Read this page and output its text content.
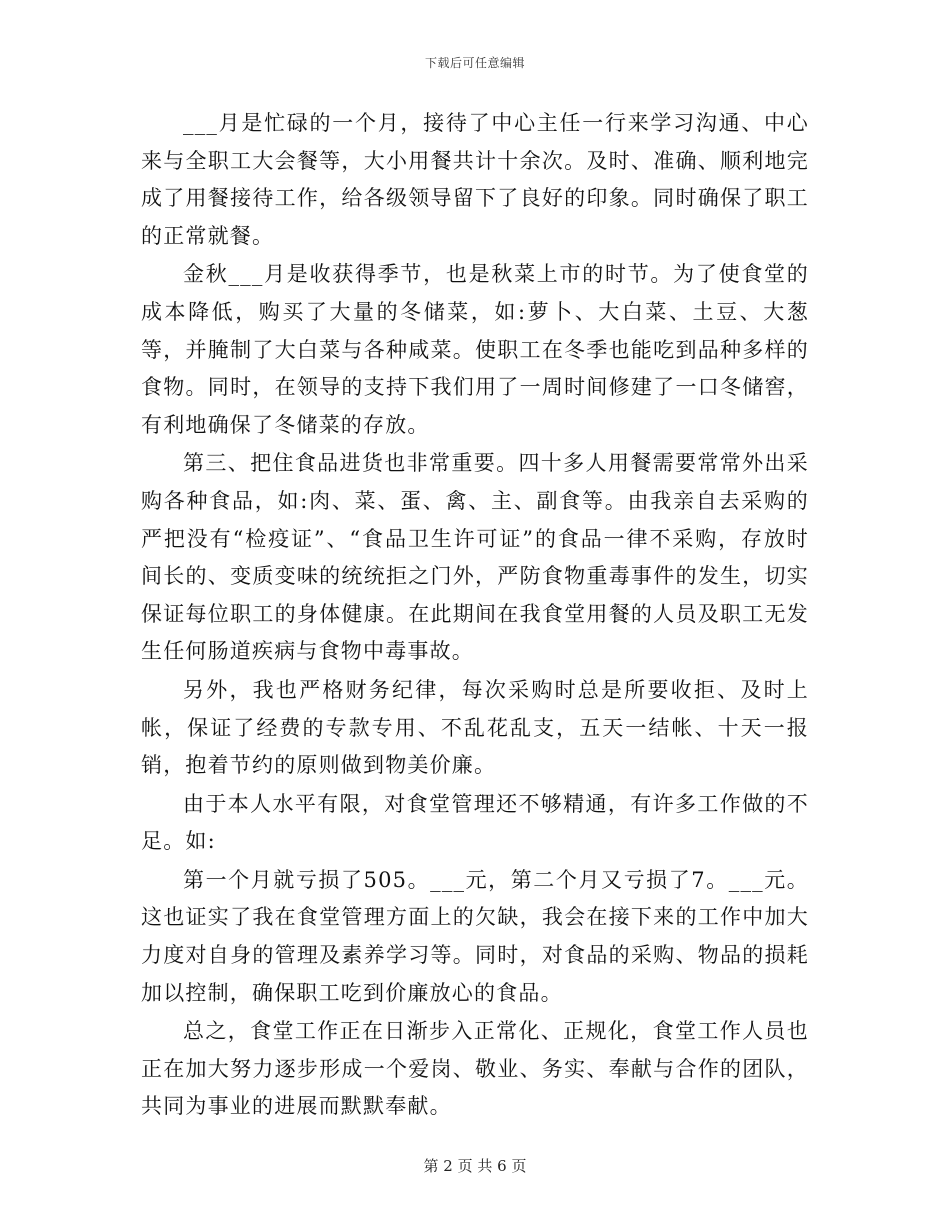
下载后可任意编辑

___月是忙碌的一个月，接待了中心主任一行来学习沟通、中心来与全职工大会餐等，大小用餐共计十余次。及时、准确、顺利地完成了用餐接待工作，给各级领导留下了良好的印象。同时确保了职工的正常就餐。

金秋___月是收获得季节，也是秋菜上市的时节。为了使食堂的成本降低，购买了大量的冬储菜，如:萝卜、大白菜、土豆、大葱等，并腌制了大白菜与各种咸菜。使职工在冬季也能吃到品种多样的食物。同时，在领导的支持下我们用了一周时间修建了一口冬储窖，有利地确保了冬储菜的存放。

第三、把住食品进货也非常重要。四十多人用餐需要常常外出采购各种食品，如:肉、菜、蛋、禽、主、副食等。由我亲自去采购的严把没有“检疫证”、“食品卫生许可证”的食品一律不采购，存放时间长的、变质变味的统统拒之门外，严防食物重毒事件的发生，切实保证每位职工的身体健康。在此期间在我食堂用餐的人员及职工无发生任何肠道疾病与食物中毒事故。

另外，我也严格财务纪律，每次采购时总是所要收拒、及时上帐，保证了经费的专款专用、不乱花乱支，五天一结帐、十天一报销，抱着节约的原则做到物美价廉。

由于本人水平有限，对食堂管理还不够精通，有许多工作做的不足。如:

第一个月就亏损了505。___元，第二个月又亏损了7。___元。这也证实了我在食堂管理方面上的欠缺，我会在接下来的工作中加大力度对自身的管理及素养学习等。同时，对食品的采购、物品的损耗加以控制，确保职工吃到价廉放心的食品。

总之，食堂工作正在日渐步入正常化、正规化，食堂工作人员也正在加大努力逐步形成一个爱岗、敬业、务实、奉献与合作的团队，共同为事业的进展而默默奉献。

第 2 页 共 6 页
